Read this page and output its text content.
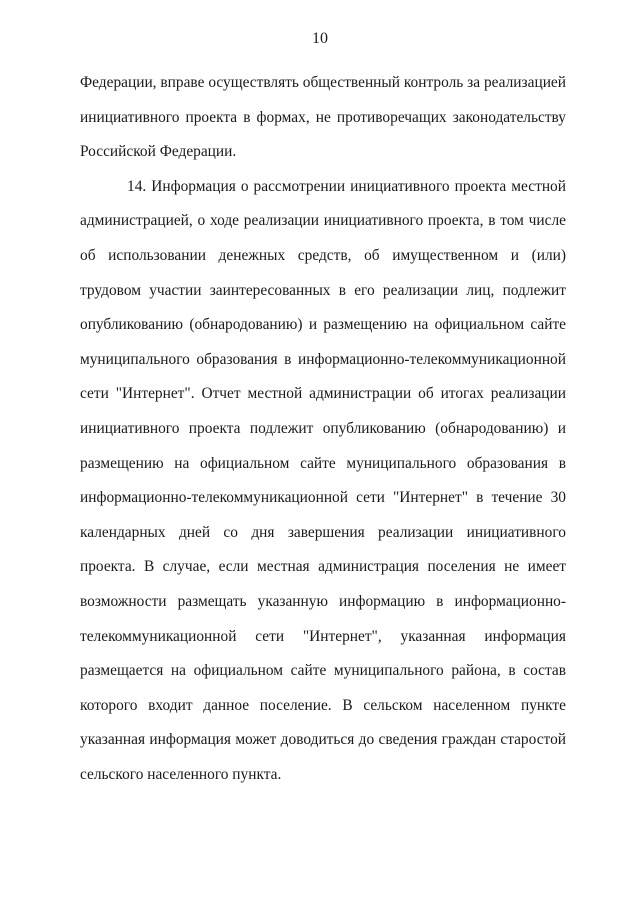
10

Федерации, вправе осуществлять общественный контроль за реализацией инициативного проекта в формах, не противоречащих законодательству Российской Федерации.

14. Информация о рассмотрении инициативного проекта местной администрацией, о ходе реализации инициативного проекта, в том числе об использовании денежных средств, об имущественном и (или) трудовом участии заинтересованных в его реализации лиц, подлежит опубликованию (обнародованию) и размещению на официальном сайте муниципального образования в информационно-телекоммуникационной сети "Интернет". Отчет местной администрации об итогах реализации инициативного проекта подлежит опубликованию (обнародованию) и размещению на официальном сайте муниципального образования в информационно-телекоммуникационной сети "Интернет" в течение 30 календарных дней со дня завершения реализации инициативного проекта. В случае, если местная администрация поселения не имеет возможности размещать указанную информацию в информационно-телекоммуникационной сети "Интернет", указанная информация размещается на официальном сайте муниципального района, в состав которого входит данное поселение. В сельском населенном пункте указанная информация может доводиться до сведения граждан старостой сельского населенного пункта.
